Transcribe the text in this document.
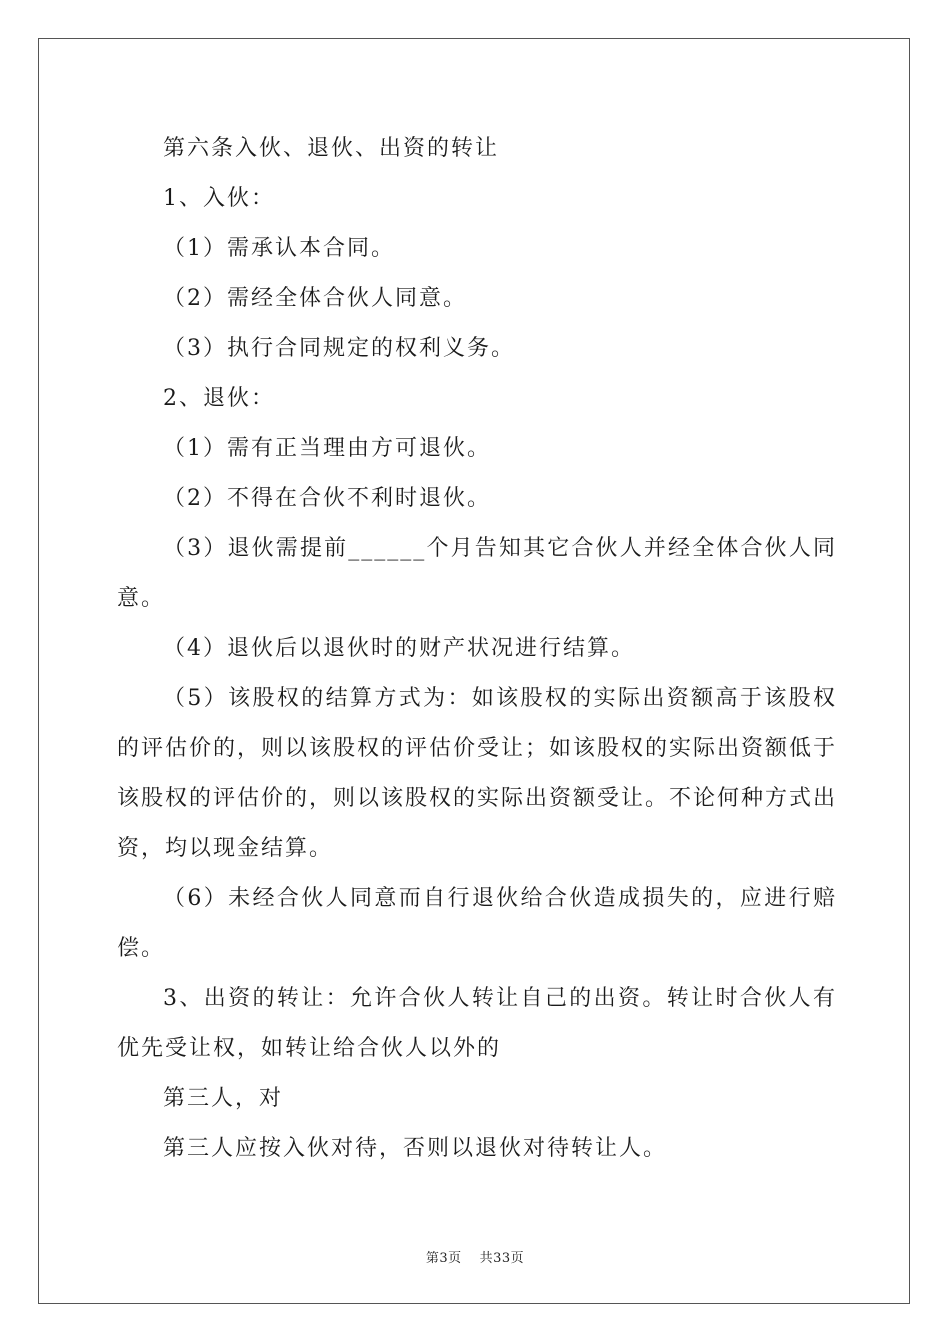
第六条入伙、退伙、出资的转让

1、入伙：

（1）需承认本合同。

（2）需经全体合伙人同意。

（3）执行合同规定的权利义务。

2、退伙：

（1）需有正当理由方可退伙。

（2）不得在合伙不利时退伙。

（3）退伙需提前______个月告知其它合伙人并经全体合伙人同意。

（4）退伙后以退伙时的财产状况进行结算。

（5）该股权的结算方式为：如该股权的实际出资额高于该股权的评估价的，则以该股权的评估价受让；如该股权的实际出资额低于该股权的评估价的，则以该股权的实际出资额受让。不论何种方式出资，均以现金结算。

（6）未经合伙人同意而自行退伙给合伙造成损失的，应进行赔偿。

3、出资的转让：允许合伙人转让自己的出资。转让时合伙人有优先受让权，如转让给合伙人以外的

第三人，对

第三人应按入伙对待，否则以退伙对待转让人。

第3页 共33页
